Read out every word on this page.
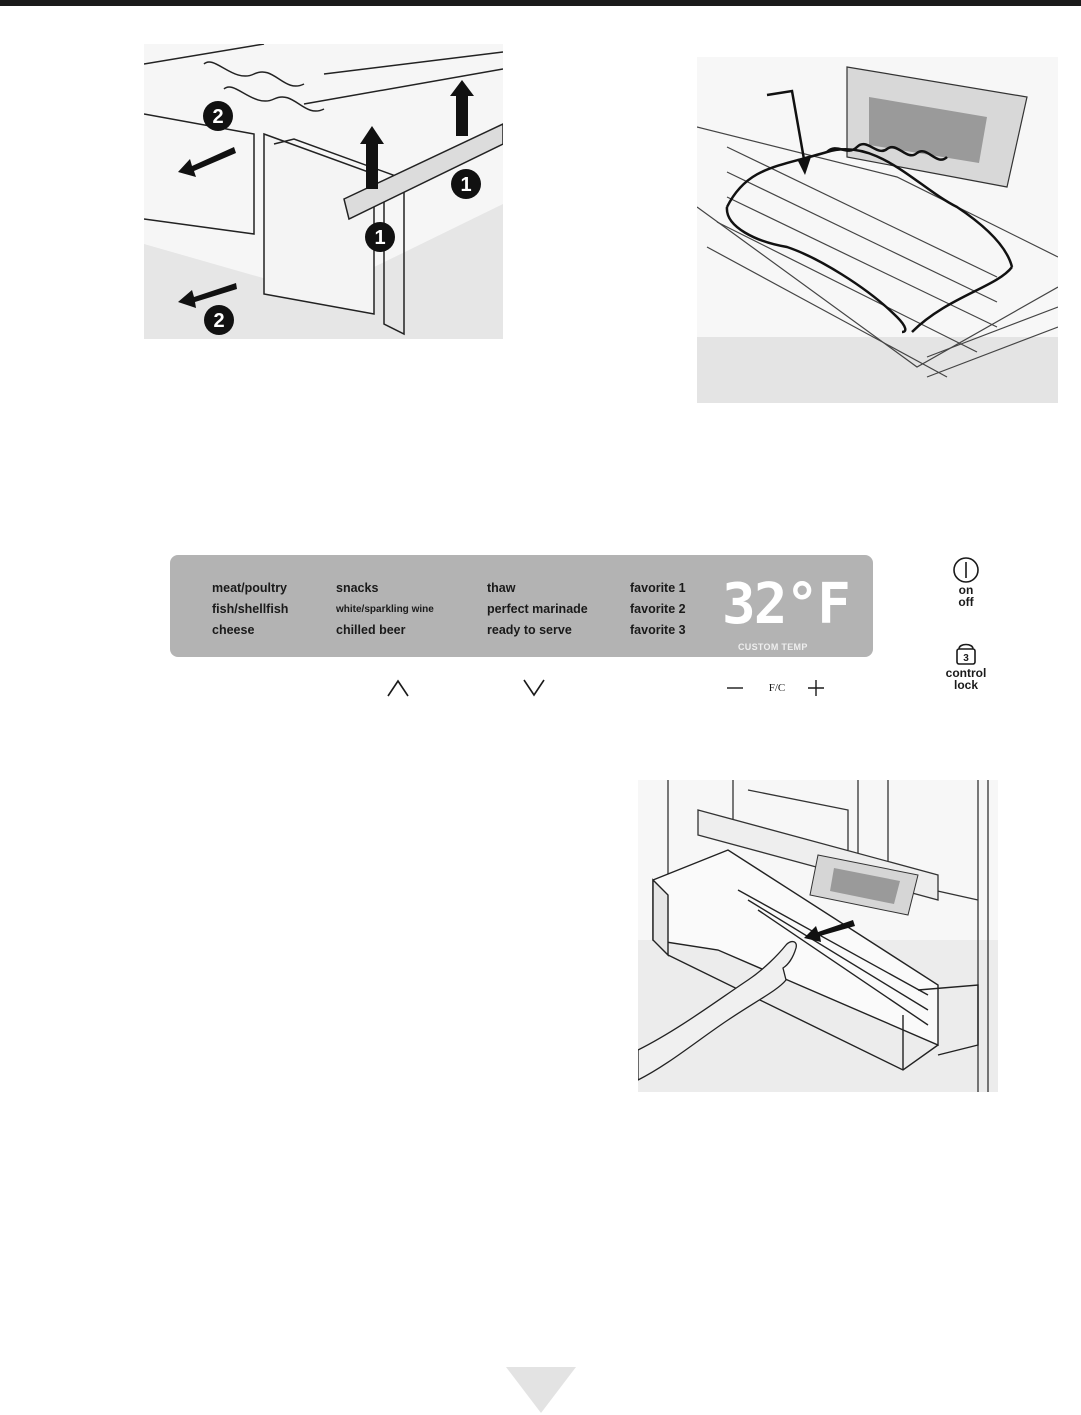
2
2
1
1
meat/poultry
fish/shellfish
cheese
snacks
white/sparkling wine
chilled beer
thaw
perfect marinade
ready to serve
favorite 1
favorite 2
favorite 3 32°F
CUSTOM TEMP
F/C
on
off
3
control
lock
